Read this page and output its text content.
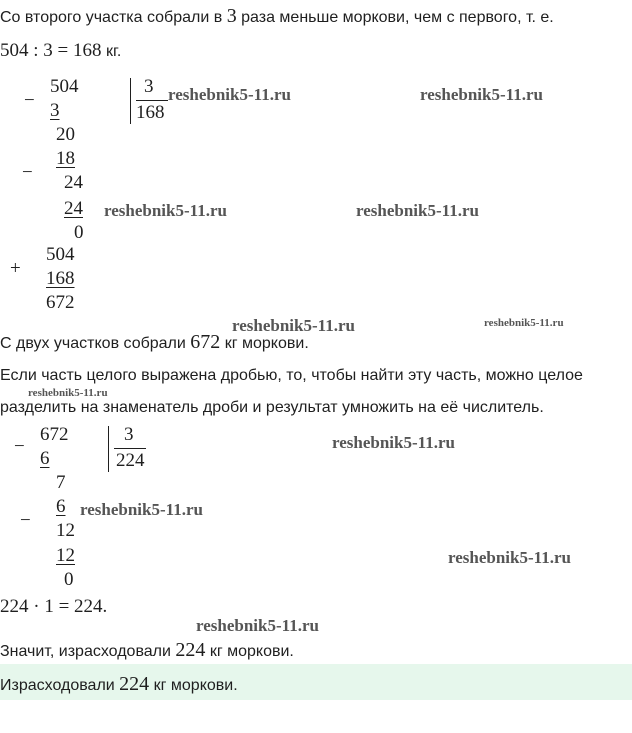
Со второго участка собрали в 3 раза меньше моркови, чем с первого, т. е.
504 : 3 = 168 кг.
−
504
3
20
−
18
24
24
0
3
168
+
504
168
672
С двух участков собрали 672 кг моркови.
Если часть целого выражена дробью, то, чтобы найти эту часть, можно целое
разделить на знаменатель дроби и результат умножить на её числитель.
−
672
6
7
−
6
12
12
0
3
224
224 · 1 = 224.
Значит, израсходовали 224 кг моркови.
Израсходовали 224 кг моркови.
reshebnik5-11.ru	reshebnik5-11.ru
reshebnik5-11.ru	reshebnik5-11.ru
reshebnik5-11.ru	reshebnik5-11.ru
reshebnik5-11.ru
reshebnik5-11.ru
reshebnik5-11.ru
reshebnik5-11.ru
reshebnik5-11.ru
